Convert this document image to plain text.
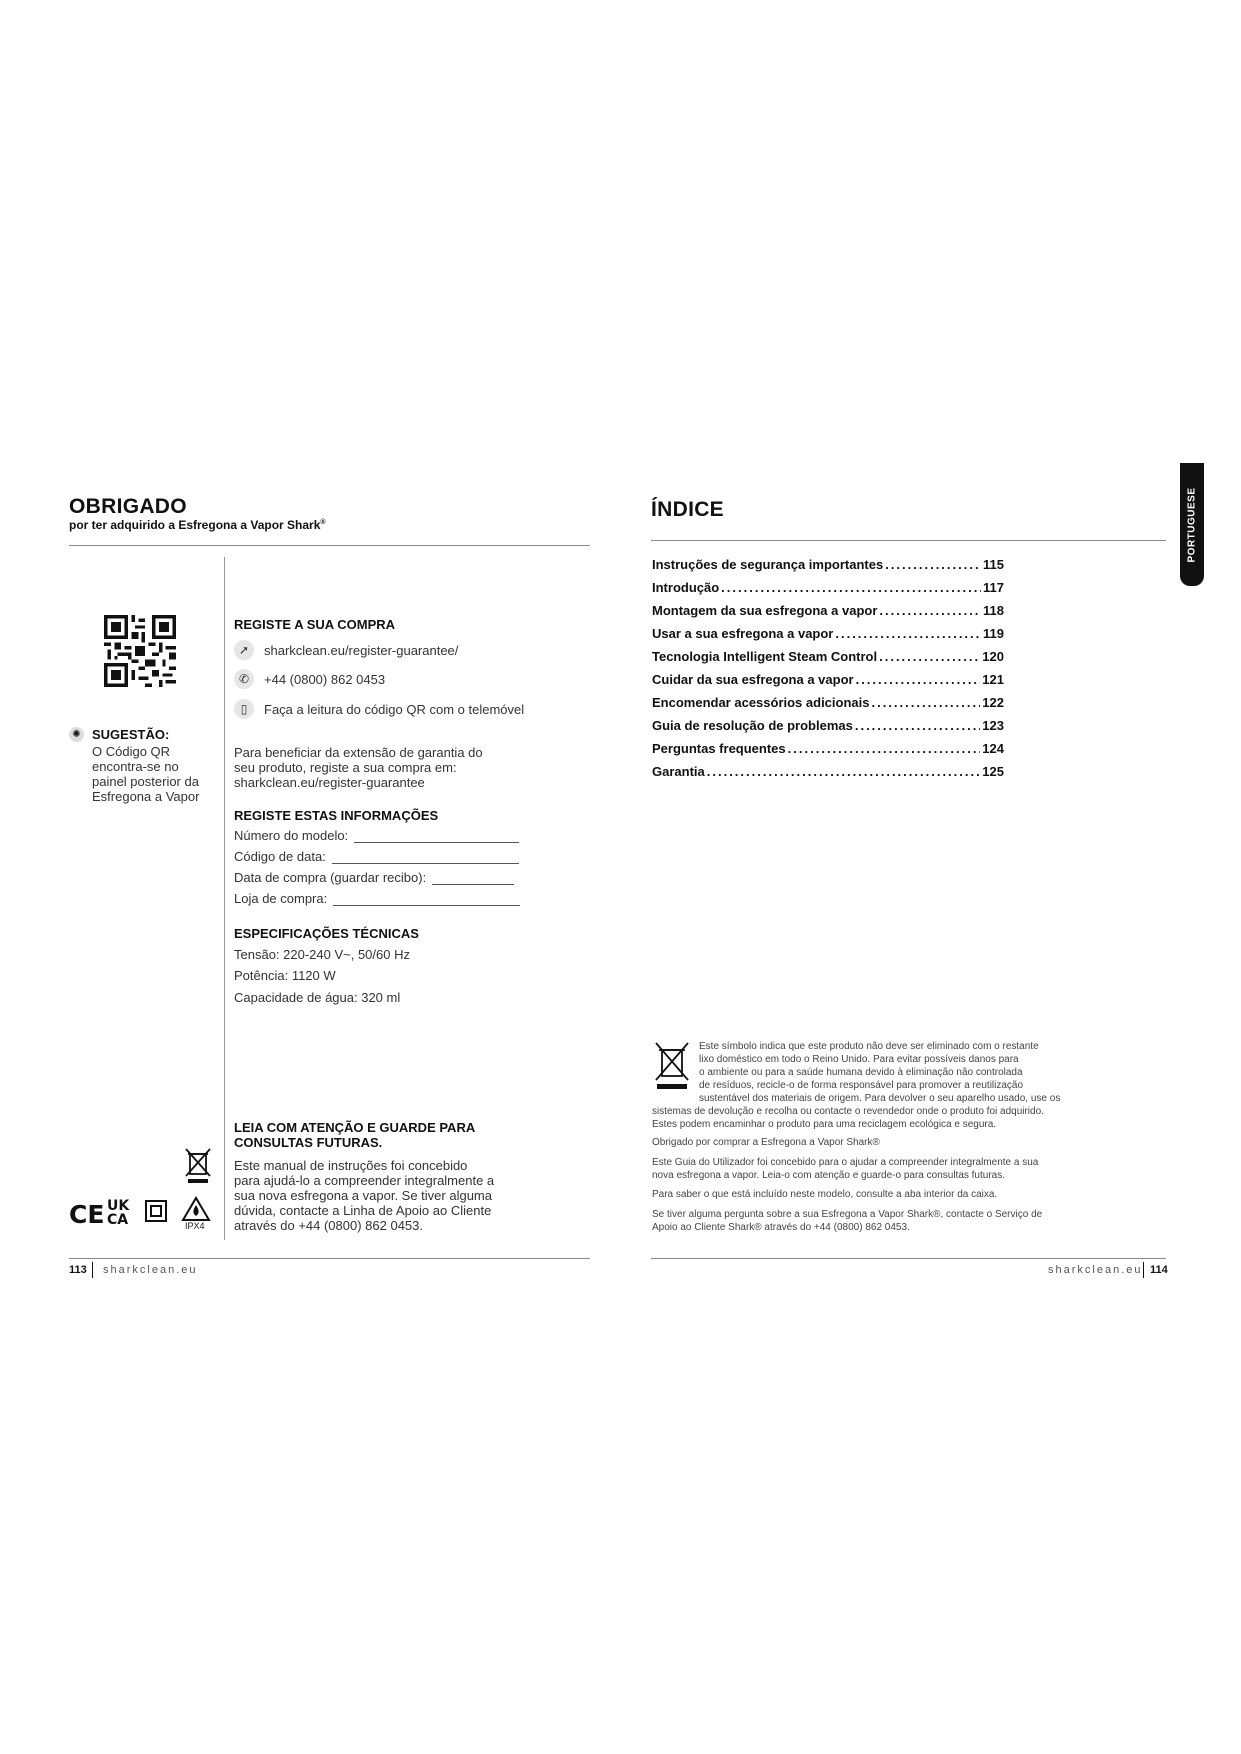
OBRIGADO
por ter adquirido a Esfregona a Vapor Shark®
✺ SUGESTÃO:
O Código QR
encontra-se no
painel posterior da
Esfregona a Vapor
REGISTE A SUA COMPRA
➚	sharkclean.eu/register-guarantee/
✆	+44 (0800) 862 0453
▯	Faça a leitura do código QR com o telemóvel
Para beneficiar da extensão de garantia do
seu produto, registe a sua compra em:
sharkclean.eu/register-guarantee
REGISTE ESTAS INFORMAÇÕES
Número do modelo:
Código de data:
Data de compra (guardar recibo):
Loja de compra:
ESPECIFICAÇÕES TÉCNICAS
Tensão: 220-240 V~, 50/60 Hz
Potência: 1120 W
Capacidade de água: 320 ml
LEIA COM ATENÇÃO E GUARDE PARA
CONSULTAS FUTURAS.
Este manual de instruções foi concebido
para ajudá-lo a compreender integralmente a
sua nova esfregona a vapor. Se tiver alguma
dúvida, contacte a Linha de Apoio ao Cliente
através do +44 (0800) 862 0453.
CE UK
CA	IPX4
113 sharkclean.eu
PORTUGUESE
ÍNDICE
Instruções de segurança importantes .....	115
Introdução .....	117
Montagem da sua esfregona a vapor .....	118
Usar a sua esfregona a vapor .....	119
Tecnologia Intelligent Steam Control .....	120
Cuidar da sua esfregona a vapor .....	121
Encomendar acessórios adicionais .....	122
Guia de resolução de problemas .....	123
Perguntas frequentes .....	124
Garantia .....	125
Este símbolo indica que este produto não deve ser eliminado com o restante
lixo doméstico em todo o Reino Unido. Para evitar possíveis danos para
o ambiente ou para a saúde humana devido à eliminação não controlada
de resíduos, recicle-o de forma responsável para promover a reutilização
sustentável dos materiais de origem. Para devolver o seu aparelho usado, use os
sistemas de devolução e recolha ou contacte o revendedor onde o produto foi adquirido.
Estes podem encaminhar o produto para uma reciclagem ecológica e segura.
Obrigado por comprar a Esfregona a Vapor Shark®
Este Guia do Utilizador foi concebido para o ajudar a compreender integralmente a sua
nova esfregona a vapor. Leia-o com atenção e guarde-o para consultas futuras.
Para saber o que está incluído neste modelo, consulte a aba interior da caixa.
Se tiver alguma pergunta sobre a sua Esfregona a Vapor Shark®, contacte o Serviço de
Apoio ao Cliente Shark® através do +44 (0800) 862 0453.
sharkclean.eu 114
